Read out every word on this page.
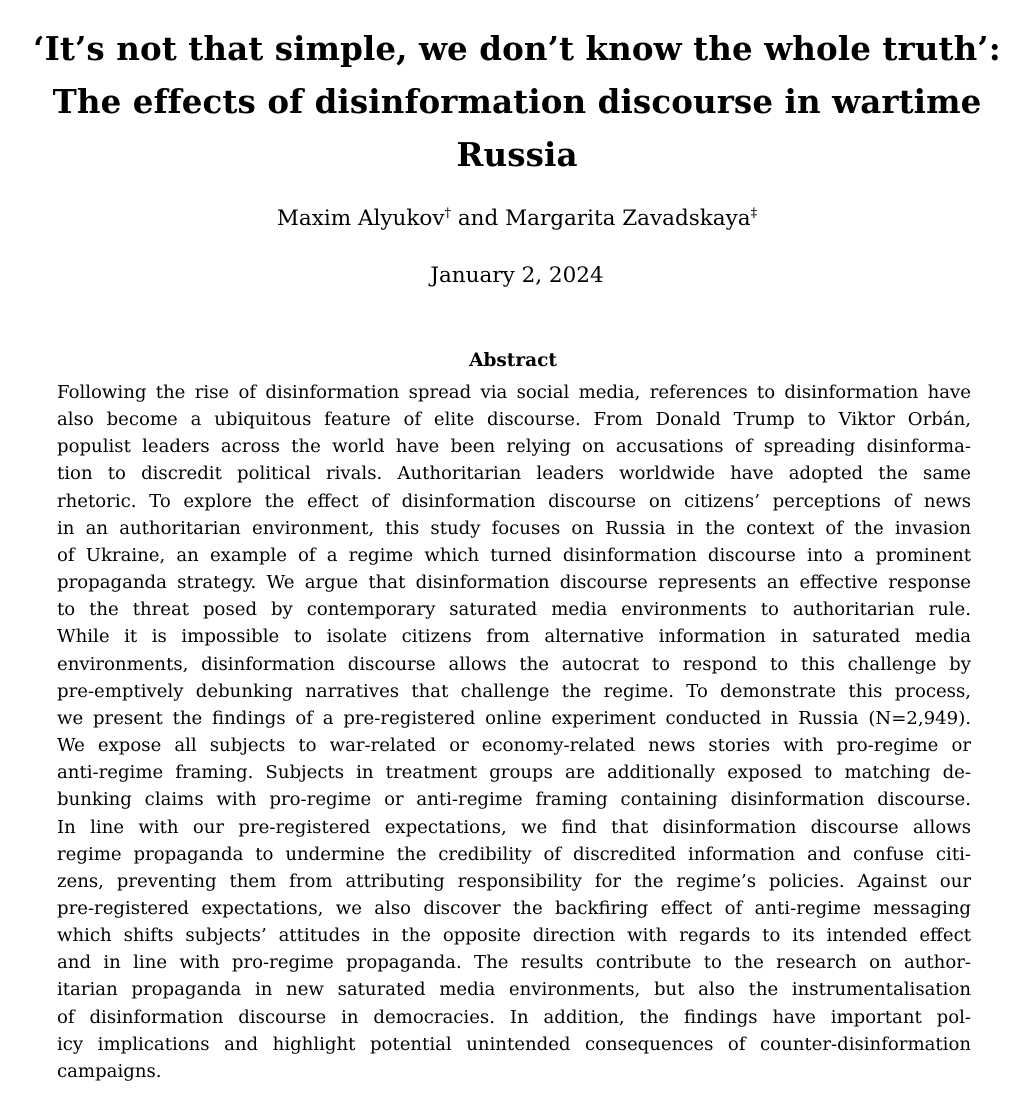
‘It’s not that simple, we don’t know the whole truth’:
The effects of disinformation discourse in wartime
Russia
Maxim Alyukov† and Margarita Zavadskaya‡
January 2, 2024
Abstract
Following the rise of disinformation spread via social media, references to disinformation have
also become a ubiquitous feature of elite discourse. From Donald Trump to Viktor Orbán,
populist leaders across the world have been relying on accusations of spreading disinforma-
tion to discredit political rivals. Authoritarian leaders worldwide have adopted the same
rhetoric. To explore the effect of disinformation discourse on citizens’ perceptions of news
in an authoritarian environment, this study focuses on Russia in the context of the invasion
of Ukraine, an example of a regime which turned disinformation discourse into a prominent
propaganda strategy. We argue that disinformation discourse represents an effective response
to the threat posed by contemporary saturated media environments to authoritarian rule.
While it is impossible to isolate citizens from alternative information in saturated media
environments, disinformation discourse allows the autocrat to respond to this challenge by
pre-emptively debunking narratives that challenge the regime. To demonstrate this process,
we present the findings of a pre-registered online experiment conducted in Russia (N=2,949).
We expose all subjects to war-related or economy-related news stories with pro-regime or
anti-regime framing. Subjects in treatment groups are additionally exposed to matching de-
bunking claims with pro-regime or anti-regime framing containing disinformation discourse.
In line with our pre-registered expectations, we find that disinformation discourse allows
regime propaganda to undermine the credibility of discredited information and confuse citi-
zens, preventing them from attributing responsibility for the regime’s policies. Against our
pre-registered expectations, we also discover the backfiring effect of anti-regime messaging
which shifts subjects’ attitudes in the opposite direction with regards to its intended effect
and in line with pro-regime propaganda. The results contribute to the research on author-
itarian propaganda in new saturated media environments, but also the instrumentalisation
of disinformation discourse in democracies. In addition, the findings have important pol-
icy implications and highlight potential unintended consequences of counter-disinformation
campaigns.
